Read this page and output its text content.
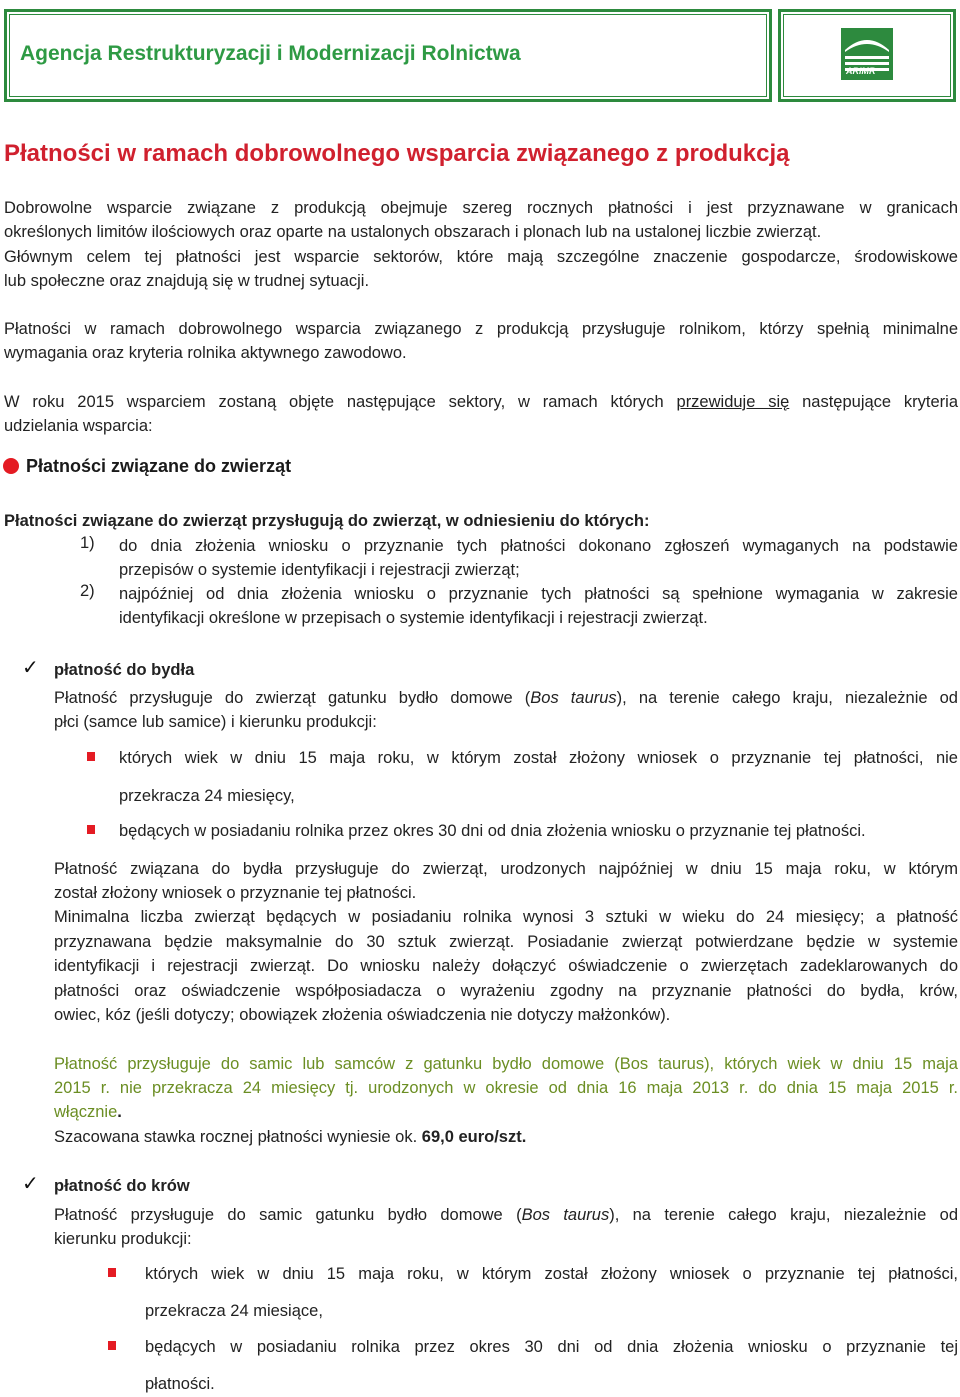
Agencja Restrukturyzacji i Modernizacji Rolnictwa
ARiMR
Płatności w ramach dobrowolnego wsparcia związanego z produkcją
Dobrowolne wsparcie związane z produkcją obejmuje szereg rocznych płatności i jest przyznawane w granicach
określonych limitów ilościowych oraz oparte na ustalonych obszarach i plonach lub na ustalonej liczbie zwierząt.
Głównym celem tej płatności jest wsparcie sektorów, które mają szczególne znaczenie gospodarcze, środowiskowe
lub społeczne oraz znajdują się w trudnej sytuacji.
Płatności w ramach dobrowolnego wsparcia związanego z produkcją przysługuje rolnikom, którzy spełnią minimalne
wymagania oraz kryteria rolnika aktywnego zawodowo.
W roku 2015 wsparciem zostaną objęte następujące sektory, w ramach których przewiduje się następujące kryteria
udzielania wsparcia:
Płatności związane do zwierząt
Płatności związane do zwierząt przysługują do zwierząt, w odniesieniu do których:
1) do dnia złożenia wniosku o przyznanie tych płatności dokonano zgłoszeń wymaganych na podstawie
przepisów o systemie identyfikacji i rejestracji zwierząt;
2) najpóźniej od dnia złożenia wniosku o przyznanie tych płatności są spełnione wymagania w zakresie
identyfikacji określone w przepisach o systemie identyfikacji i rejestracji zwierząt.
✓ płatność do bydła
Płatność przysługuje do zwierząt gatunku bydło domowe (Bos taurus), na terenie całego kraju, niezależnie od
płci (samce lub samice) i kierunku produkcji:
których wiek w dniu 15 maja roku, w którym został złożony wniosek o przyznanie tej płatności, nie
przekracza 24 miesięcy,
będących w posiadaniu rolnika przez okres 30 dni od dnia złożenia wniosku o przyznanie tej płatności.
Płatność związana do bydła przysługuje do zwierząt, urodzonych najpóźniej w dniu 15 maja roku, w którym
został złożony wniosek o przyznanie tej płatności.
Minimalna liczba zwierząt będących w posiadaniu rolnika wynosi 3 sztuki w wieku do 24 miesięcy; a płatność
przyznawana będzie maksymalnie do 30 sztuk zwierząt. Posiadanie zwierząt potwierdzane będzie w systemie
identyfikacji i rejestracji zwierząt. Do wniosku należy dołączyć oświadczenie o zwierzętach zadeklarowanych do
płatności oraz oświadczenie współposiadacza o wyrażeniu zgodny na przyznanie płatności do bydła, krów,
owiec, kóz (jeśli dotyczy; obowiązek złożenia oświadczenia nie dotyczy małżonków).
Płatność przysługuje do samic lub samców z gatunku bydło domowe (Bos taurus), których wiek w dniu 15 maja
2015 r. nie przekracza 24 miesięcy tj. urodzonych w okresie od dnia 16 maja 2013 r. do dnia 15 maja 2015 r.
włącznie.
Szacowana stawka rocznej płatności wyniesie ok. 69,0 euro/szt.
✓ płatność do krów
Płatność przysługuje do samic gatunku bydło domowe (Bos taurus), na terenie całego kraju, niezależnie od
kierunku produkcji:
których wiek w dniu 15 maja roku, w którym został złożony wniosek o przyznanie tej płatności,
przekracza 24 miesiące,
będących w posiadaniu rolnika przez okres 30 dni od dnia złożenia wniosku o przyznanie tej
płatności.
